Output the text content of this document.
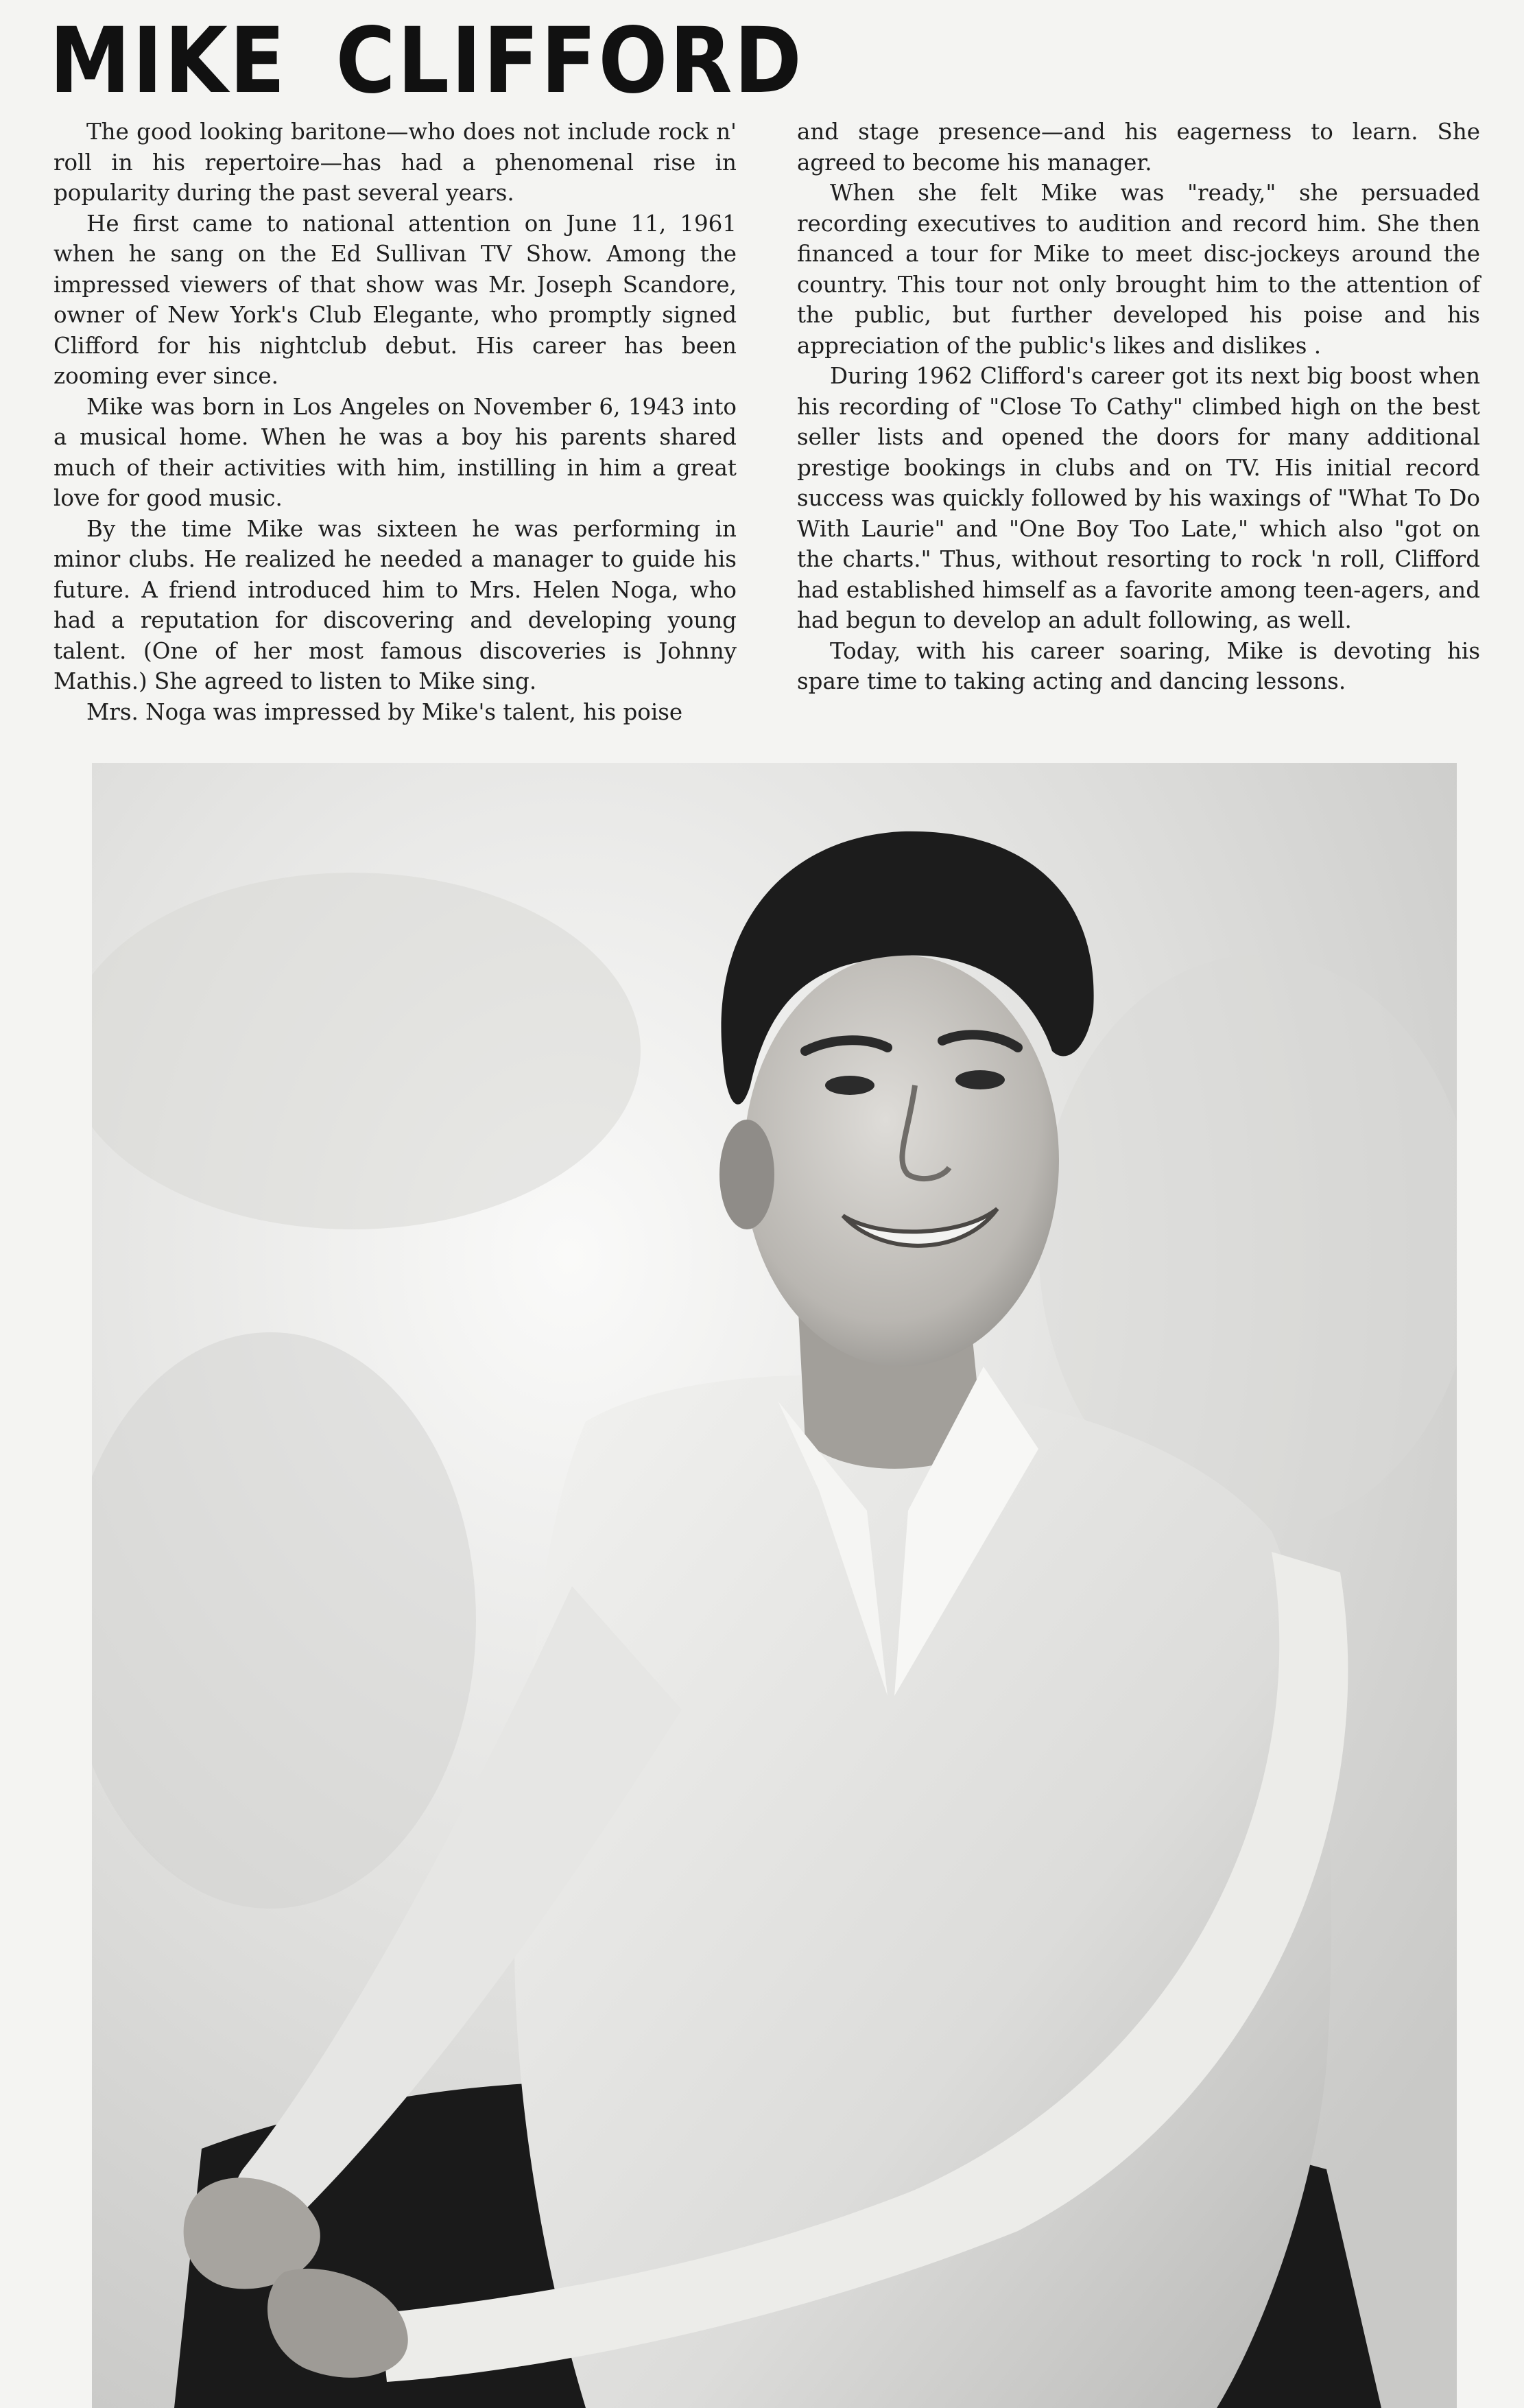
MIKE CLIFFORD

The good looking baritone—who does not include rock n' roll in his repertoire—has had a phenomenal rise in popularity during the past several years.

He first came to national attention on June 11, 1961 when he sang on the Ed Sullivan TV Show. Among the impressed viewers of that show was Mr. Joseph Scandore, owner of New York's Club Elegante, who promptly signed Clifford for his nightclub debut. His career has been zooming ever since.

Mike was born in Los Angeles on November 6, 1943 into a musical home. When he was a boy his parents shared much of their activities with him, instilling in him a great love for good music.

By the time Mike was sixteen he was performing in minor clubs. He realized he needed a manager to guide his future. A friend introduced him to Mrs. Helen Noga, who had a reputation for discovering and developing young talent. (One of her most famous discoveries is Johnny Mathis.) She agreed to listen to Mike sing.

Mrs. Noga was impressed by Mike's talent, his poise

and stage presence—and his eagerness to learn. She agreed to become his manager.

When she felt Mike was "ready," she persuaded recording executives to audition and record him. She then financed a tour for Mike to meet disc-jockeys around the country. This tour not only brought him to the attention of the public, but further developed his poise and his appreciation of the public's likes and dislikes .

During 1962 Clifford's career got its next big boost when his recording of "Close To Cathy" climbed high on the best seller lists and opened the doors for many additional prestige bookings in clubs and on TV. His initial record success was quickly followed by his waxings of "What To Do With Laurie" and "One Boy Too Late," which also "got on the charts." Thus, without resorting to rock 'n roll, Clifford had established himself as a favorite among teen-agers, and had begun to develop an adult following, as well.

Today, with his career soaring, Mike is devoting his spare time to taking acting and dancing lessons.
